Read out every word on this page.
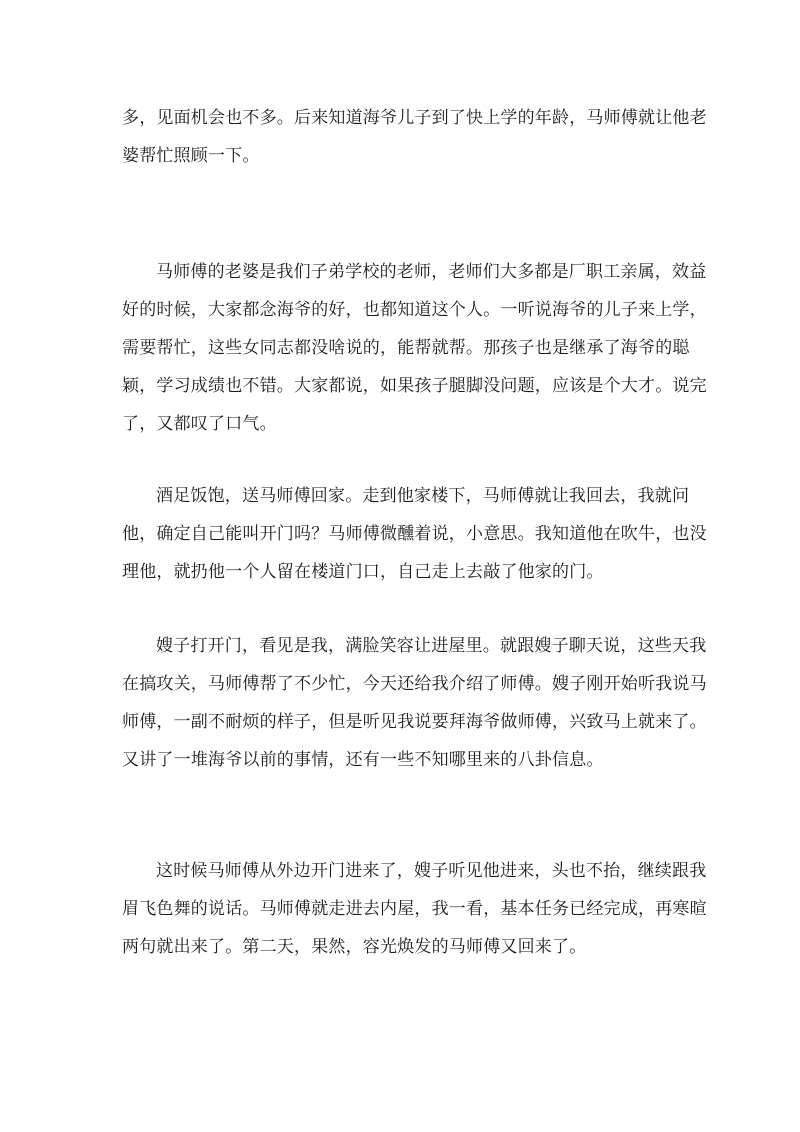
多，见面机会也不多。后来知道海爷儿子到了快上学的年龄，马师傅就让他老
婆帮忙照顾一下。
马师傅的老婆是我们子弟学校的老师，老师们大多都是厂职工亲属，效益
好的时候，大家都念海爷的好，也都知道这个人。一听说海爷的儿子来上学，
需要帮忙，这些女同志都没啥说的，能帮就帮。那孩子也是继承了海爷的聪
颖，学习成绩也不错。大家都说，如果孩子腿脚没问题，应该是个大才。说完
了，又都叹了口气。
酒足饭饱，送马师傅回家。走到他家楼下，马师傅就让我回去，我就问
他，确定自己能叫开门吗？马师傅微醺着说，小意思。我知道他在吹牛，也没
理他，就扔他一个人留在楼道门口，自己走上去敲了他家的门。
嫂子打开门，看见是我，满脸笑容让进屋里。就跟嫂子聊天说，这些天我
在搞攻关，马师傅帮了不少忙，今天还给我介绍了师傅。嫂子刚开始听我说马
师傅，一副不耐烦的样子，但是听见我说要拜海爷做师傅，兴致马上就来了。
又讲了一堆海爷以前的事情，还有一些不知哪里来的八卦信息。
这时候马师傅从外边开门进来了，嫂子听见他进来，头也不抬，继续跟我
眉飞色舞的说话。马师傅就走进去内屋，我一看，基本任务已经完成，再寒暄
两句就出来了。第二天，果然，容光焕发的马师傅又回来了。
